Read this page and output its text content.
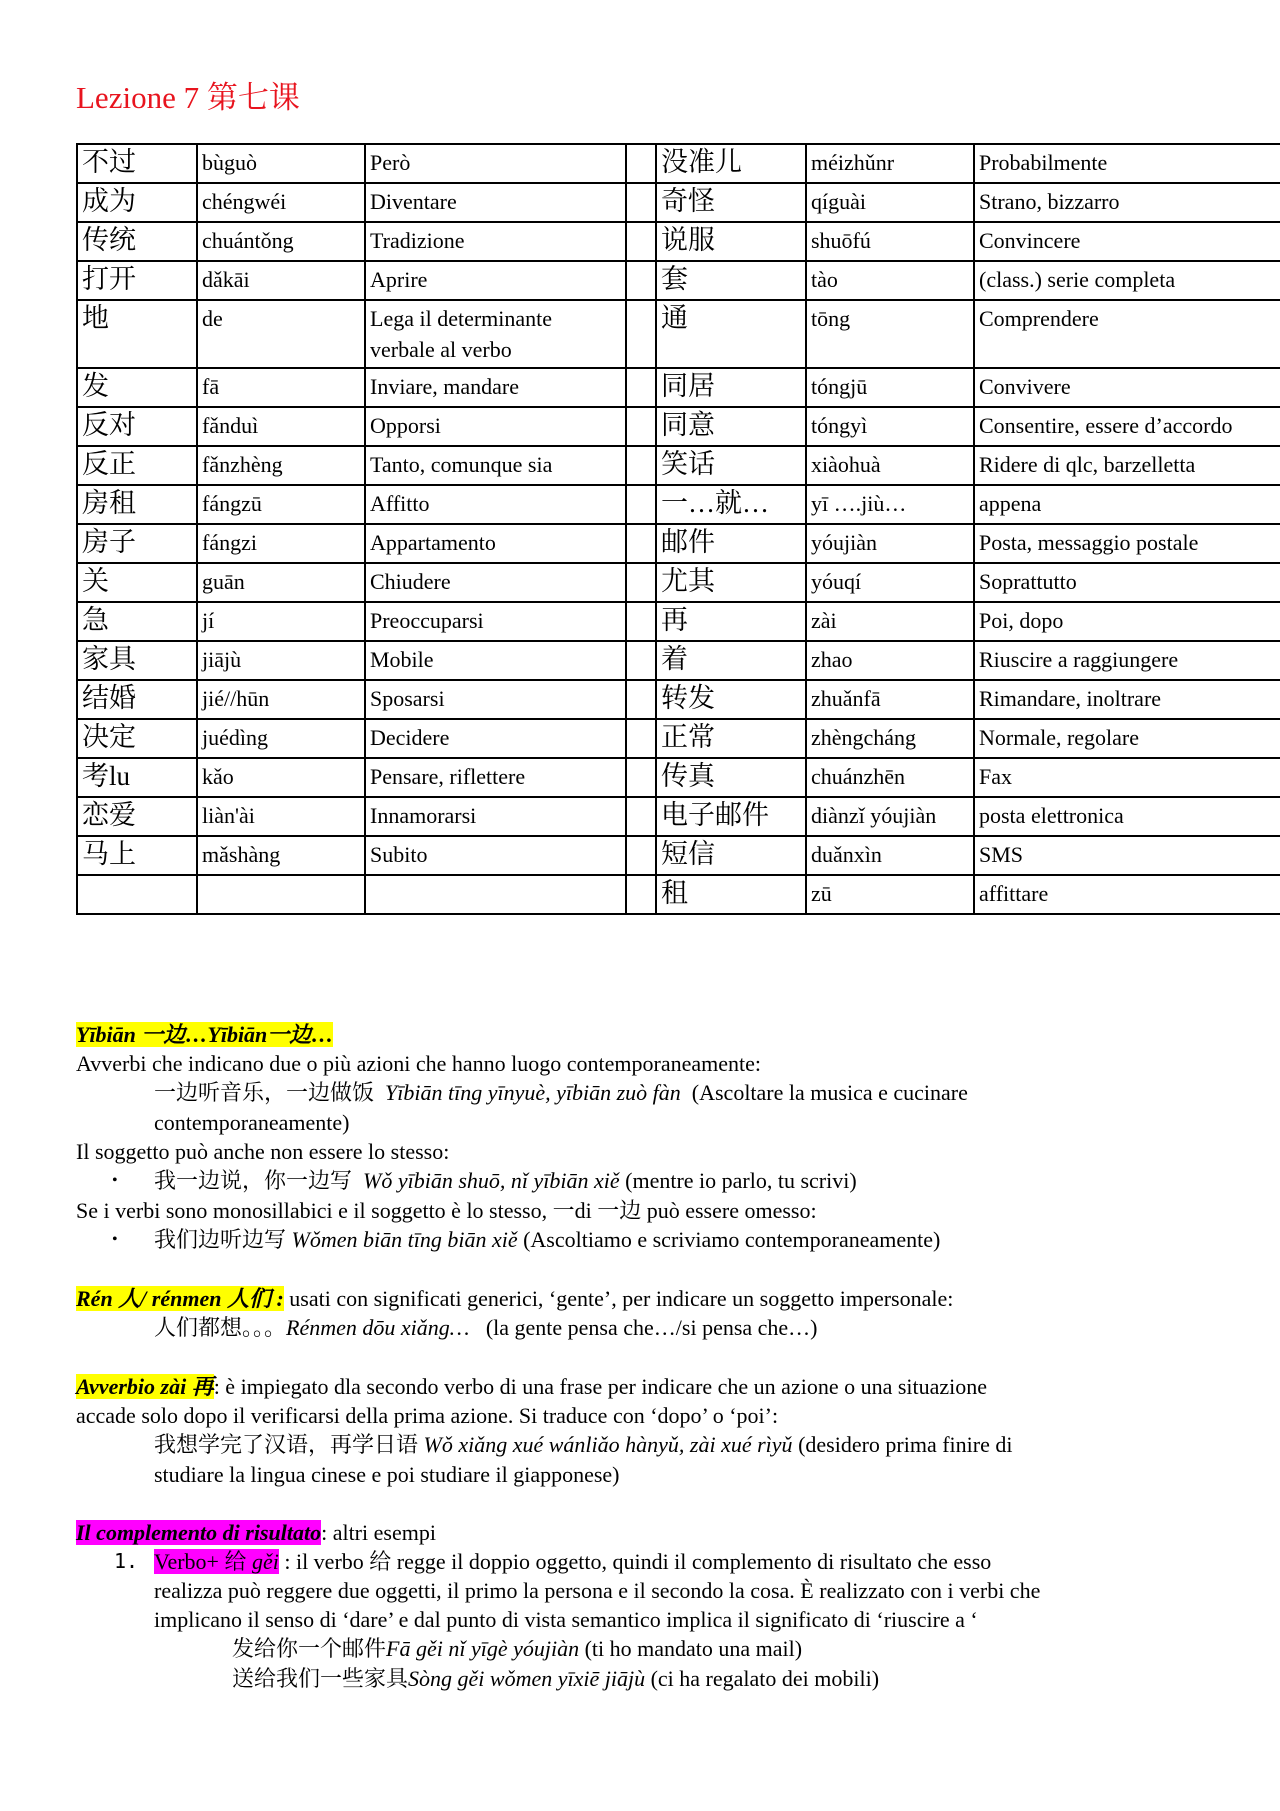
Lezione 7 第七课
不过	bùguò	Però		没准儿	méizhǔnr	Probabilmente
成为	chéngwéi	Diventare		奇怪	qíguài	Strano, bizzarro
传统	chuántǒng	Tradizione		说服	shuōfú	Convincere
打开	dǎkāi	Aprire		套	tào	(class.) serie completa
地	de	Lega il determinante verbale al verbo		通	tōng	Comprendere
发	fā	Inviare, mandare		同居	tóngjū	Convivere
反对	fǎnduì	Opporsi		同意	tóngyì	Consentire, essere d’accordo
反正	fǎnzhèng	Tanto, comunque sia		笑话	xiàohuà	Ridere di qlc, barzelletta
房租	fángzū	Affitto		一…就…	yī ….jiù…	appena
房子	fángzi	Appartamento		邮件	yóujiàn	Posta, messaggio postale
关	guān	Chiudere		尤其	yóuqí	Soprattutto
急	jí	Preoccuparsi		再	zài	Poi, dopo
家具	jiājù	Mobile		着	zhao	Riuscire a raggiungere
结婚	jié//hūn	Sposarsi		转发	zhuǎnfā	Rimandare, inoltrare
决定	juédìng	Decidere		正常	zhèngcháng	Normale, regolare
考lu	kǎo	Pensare, riflettere		传真	chuánzhēn	Fax
恋爱	liàn'ài	Innamorarsi		电子邮件	diànzǐ yóujiàn	posta elettronica
马上	mǎshàng	Subito		短信	duǎnxìn	SMS
				租	zū	affittare

Yībiān 一边…Yībiān一边…

Avverbi che indicano due o più azioni che hanno luogo contemporaneamente:

一边听音乐，一边做饭 Yībiān tīng yīnyuè, yībiān zuò fàn (Ascoltare la musica e cucinare

contemporaneamente)

Il soggetto può anche non essere lo stesso:

• 我一边说，你一边写 Wǒ yībiān shuō, nǐ yībiān xiě (mentre io parlo, tu scrivi)

Se i verbi sono monosillabici e il soggetto è lo stesso, 一di 一边 può essere omesso:

• 我们边听边写 Wǒmen biān tīng biān xiě (Ascoltiamo e scriviamo contemporaneamente)

Rén 人/ rénmen 人们 : usati con significati generici, ‘gente’, per indicare un soggetto impersonale:

人们都想。。。Rénmen dōu xiǎng… (la gente pensa che…/si pensa che…)

Avverbio zài 再: è impiegato dla secondo verbo di una frase per indicare che un azione o una situazione

accade solo dopo il verificarsi della prima azione. Si traduce con ‘dopo’ o ‘poi’:

我想学完了汉语，再学日语 Wǒ xiǎng xué wánliǎo hànyǔ, zài xué rìyǔ (desidero prima finire di

studiare la lingua cinese e poi studiare il giapponese)

Il complemento di risultato: altri esempi

1. Verbo+ 给 gěi : il verbo 给 regge il doppio oggetto, quindi il complemento di risultato che esso

realizza può reggere due oggetti, il primo la persona e il secondo la cosa. È realizzato con i verbi che

implicano il senso di ‘dare’ e dal punto di vista semantico implica il significato di ‘riuscire a ‘

发给你一个邮件Fā gěi nǐ yīgè yóujiàn (ti ho mandato una mail)

送给我们一些家具Sòng gěi wǒmen yīxiē jiājù (ci ha regalato dei mobili)
